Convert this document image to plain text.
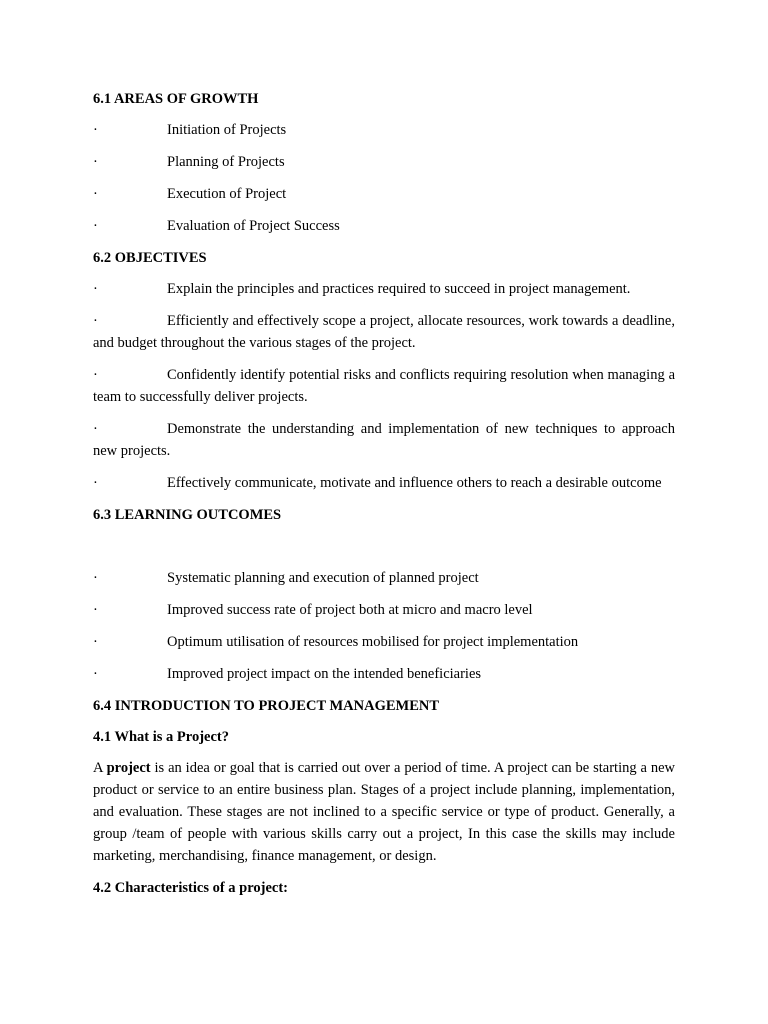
6.1 AREAS OF GROWTH
·	Initiation of Projects
·	Planning of Projects
·	Execution of Project
·	Evaluation of Project Success
6.2 OBJECTIVES
·	Explain the principles and practices required to succeed in project management.
·	Efficiently and effectively scope a project, allocate resources, work towards a deadline, and budget throughout the various stages of the project.
·	Confidently identify potential risks and conflicts requiring resolution when managing a team to successfully deliver projects.
·	Demonstrate the understanding and implementation of new techniques to approach new projects.
·	Effectively communicate, motivate and influence others to reach a desirable outcome
6.3 LEARNING OUTCOMES
·	Systematic planning and execution of planned project
·	Improved success rate of project both at micro and macro level
·	Optimum utilisation of resources mobilised for project implementation
·	Improved project impact on the intended beneficiaries
6.4 INTRODUCTION TO PROJECT MANAGEMENT
4.1 What is a Project?

A project is an idea or goal that is carried out over a period of time. A project can be starting a new product or service to an entire business plan. Stages of a project include planning, implementation, and evaluation. These stages are not inclined to a specific service or type of product. Generally, a group /team of people with various skills carry out a project, In this case the skills may include marketing, merchandising, finance management, or design.

4.2 Characteristics of a project:
